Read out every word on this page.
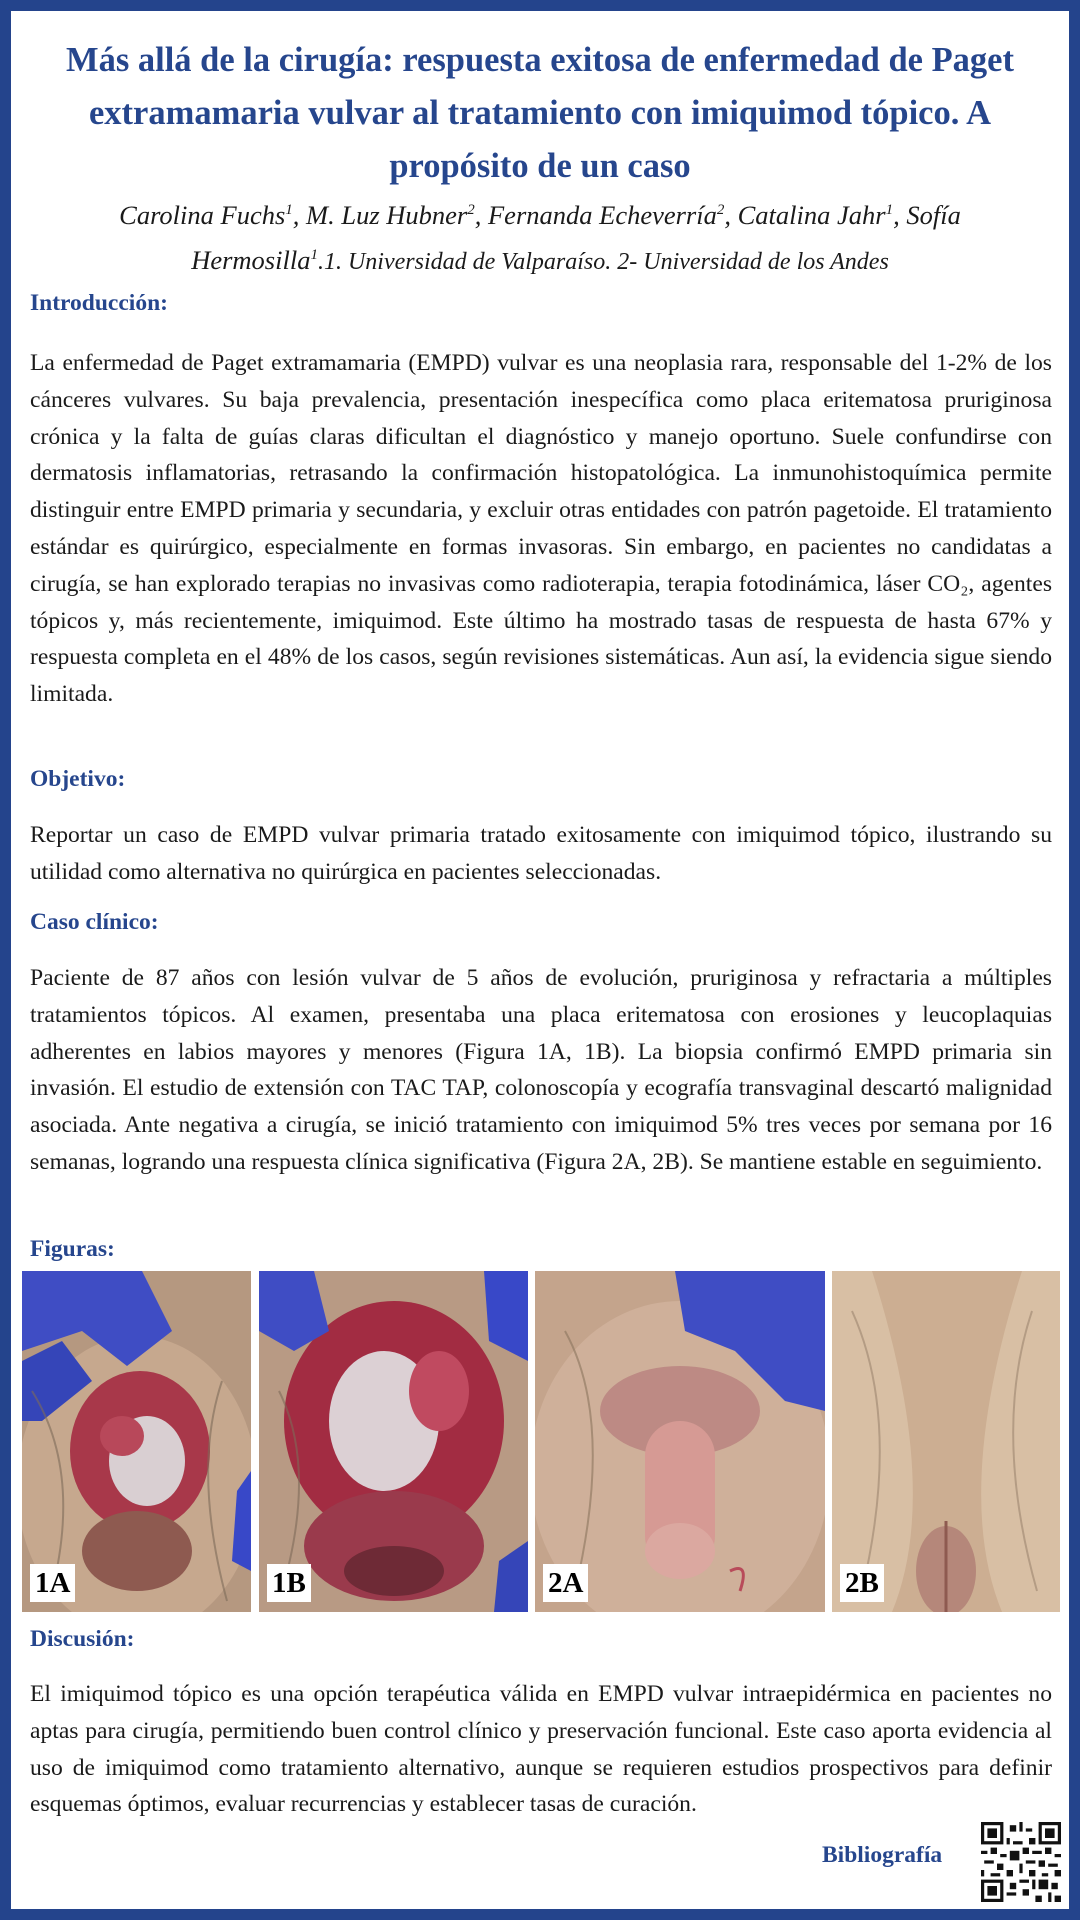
Más allá de la cirugía: respuesta exitosa de enfermedad de Paget extramamaria vulvar al tratamiento con imiquimod tópico. A propósito de un caso
Carolina Fuchs$^1$, M. Luz Hubner$^2$, Fernanda Echeverría$^2$, Catalina Jahr$^1$, Sofía Hermosilla$^1$.1. Universidad de Valparaíso. 2- Universidad de los Andes
Introducción:
La enfermedad de Paget extramamaria (EMPD) vulvar es una neoplasia rara, responsable del 1-2% de los cánceres vulvares. Su baja prevalencia, presentación inespecífica como placa eritematosa pruriginosa crónica y la falta de guías claras dificultan el diagnóstico y manejo oportuno. Suele confundirse con dermatosis inflamatorias, retrasando la confirmación histopatológica. La inmunohistoquímica permite distinguir entre EMPD primaria y secundaria, y excluir otras entidades con patrón pagetoide. El tratamiento estándar es quirúrgico, especialmente en formas invasoras. Sin embargo, en pacientes no candidatas a cirugía, se han explorado terapias no invasivas como radioterapia, terapia fotodinámica, láser CO₂, agentes tópicos y, más recientemente, imiquimod. Este último ha mostrado tasas de respuesta de hasta 67% y respuesta completa en el 48% de los casos, según revisiones sistemáticas. Aun así, la evidencia sigue siendo limitada.
Objetivo:
Reportar un caso de EMPD vulvar primaria tratado exitosamente con imiquimod tópico, ilustrando su utilidad como alternativa no quirúrgica en pacientes seleccionadas.
Caso clínico:
Paciente de 87 años con lesión vulvar de 5 años de evolución, pruriginosa y refractaria a múltiples tratamientos tópicos. Al examen, presentaba una placa eritematosa con erosiones y leucoplaquias adherentes en labios mayores y menores (Figura 1A, 1B). La biopsia confirmó EMPD primaria sin invasión. El estudio de extensión con TAC TAP, colonoscopía y ecografía transvaginal descartó malignidad asociada. Ante negativa a cirugía, se inició tratamiento con imiquimod 5% tres veces por semana por 16 semanas, logrando una respuesta clínica significativa (Figura 2A, 2B). Se mantiene estable en seguimiento.
Figuras:
1A	1B	2A	2B
Discusión:
El imiquimod tópico es una opción terapéutica válida en EMPD vulvar intraepidérmica en pacientes no aptas para cirugía, permitiendo buen control clínico y preservación funcional. Este caso aporta evidencia al uso de imiquimod como tratamiento alternativo, aunque se requieren estudios prospectivos para definir esquemas óptimos, evaluar recurrencias y establecer tasas de curación.
Bibliografía
